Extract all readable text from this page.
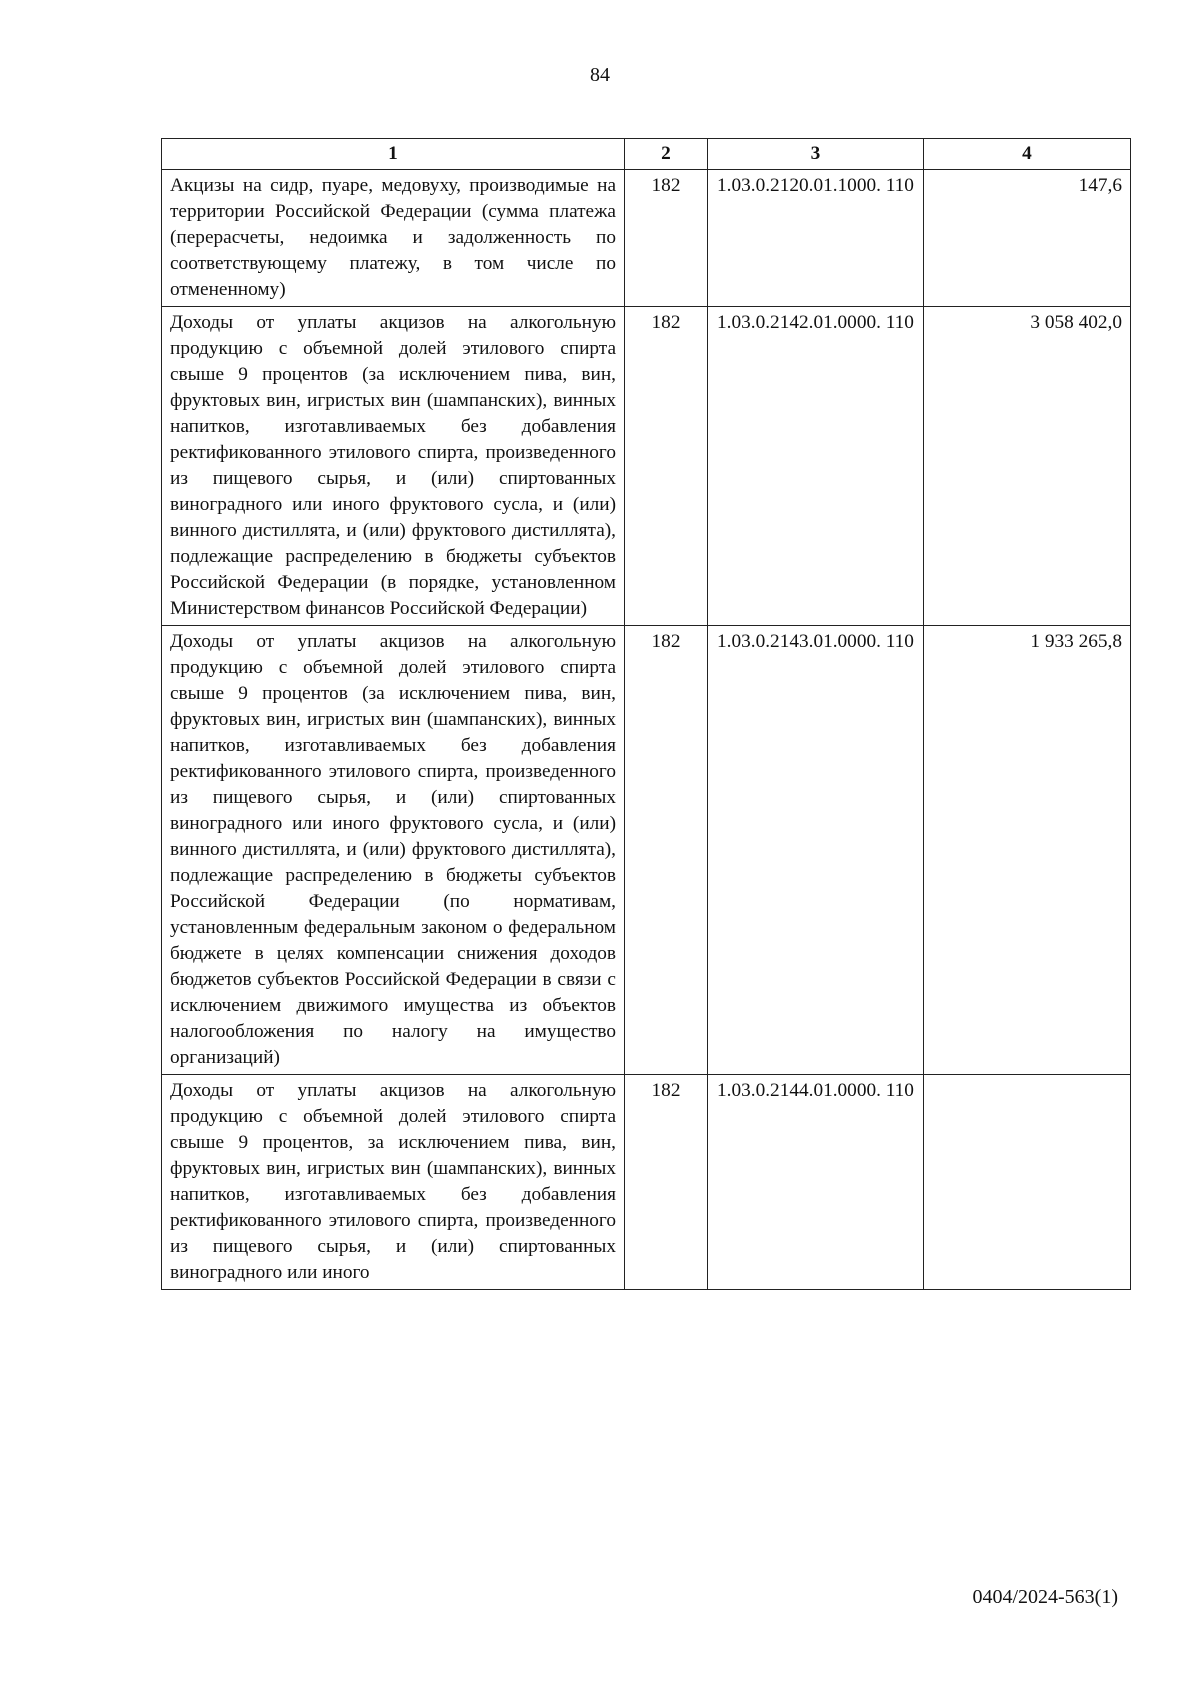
84
1	2	3	4
Акцизы на сидр, пуаре, медовуху, производимые на территории Российской Федерации (сумма платежа (перерасчеты, недоимка и задолженность по соответствующему платежу, в том числе по отмененному)	182	1.03.0.2120.01.1000. 110	147,6
Доходы от уплаты акцизов на алкогольную продукцию с объемной долей этилового спирта свыше 9 процентов (за исключением пива, вин, фруктовых вин, игристых вин (шампанских), винных напитков, изготавливаемых без добавления ректификованного этилового спирта, произведенного из пищевого сырья, и (или) спиртованных виноградного или иного фруктового сусла, и (или) винного дистиллята, и (или) фруктового дистиллята), подлежащие распределению в бюджеты субъектов Российской Федерации (в порядке, установленном Министерством финансов Российской Федерации)	182	1.03.0.2142.01.0000. 110	3 058 402,0
Доходы от уплаты акцизов на алкогольную продукцию с объемной долей этилового спирта свыше 9 процентов (за исключением пива, вин, фруктовых вин, игристых вин (шампанских), винных напитков, изготавливаемых без добавления ректификованного этилового спирта, произведенного из пищевого сырья, и (или) спиртованных виноградного или иного фруктового сусла, и (или) винного дистиллята, и (или) фруктового дистиллята), подлежащие распределению в бюджеты субъектов Российской Федерации (по нормативам, установленным федеральным законом о федеральном бюджете в целях компенсации снижения доходов бюджетов субъектов Российской Федерации в связи с исключением движимого имущества из объектов налогообложения по налогу на имущество организаций)	182	1.03.0.2143.01.0000. 110	1 933 265,8
Доходы от уплаты акцизов на алкогольную продукцию с объемной долей этилового спирта свыше 9 процентов, за исключением пива, вин, фруктовых вин, игристых вин (шампанских), винных напитков, изготавливаемых без добавления ректификованного этилового спирта, произведенного из пищевого сырья, и (или) спиртованных виноградного или иного	182	1.03.0.2144.01.0000. 110	
0404/2024-563(1)
